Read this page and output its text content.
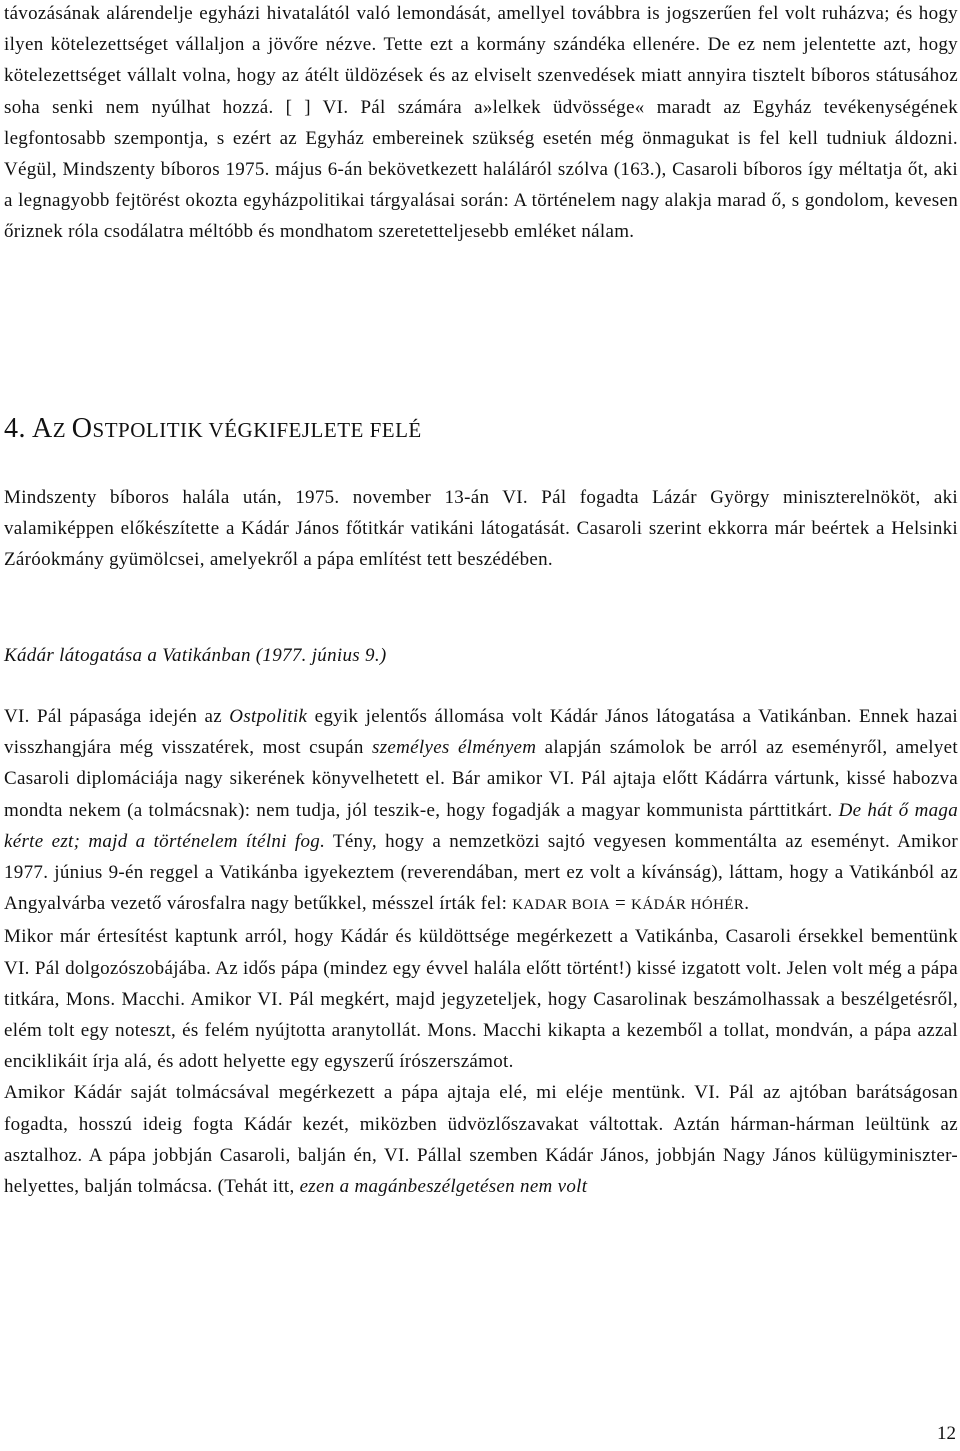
távozásának alárendelje egyházi hivatalától való lemondását, amellyel továbbra is jogszerűen fel volt ruházva; és hogy ilyen kötelezettséget vállaljon a jövőre nézve. Tette ezt a kormány szándéka ellenére. De ez nem jelentette azt, hogy kötelezettséget vállalt volna, hogy az átélt üldözések és az elviselt szenvedések miatt annyira tisztelt bíboros státusához soha senki nem nyúlhat hozzá. [ ] VI. Pál számára a»lelkek üdvössége« maradt az Egyház tevékenységének legfontosabb szempontja, s ezért az Egyház embereinek szükség esetén még önmagukat is fel kell tudniuk áldozni. Végül, Mindszenty bíboros 1975. május 6-án bekövetkezett haláláról szólva (163.), Casaroli bíboros így méltatja őt, aki a legnagyobb fejtörést okozta egyházpolitikai tárgyalásai során: A történelem nagy alakja marad ő, s gondolom, kevesen őriznek róla csodálatra méltóbb és mondhatom szeretetteljesebb emléket nálam.

4. AZ OSTPOLITIK VÉGKIFEJLETE FELÉ

Mindszenty bíboros halála után, 1975. november 13-án VI. Pál fogadta Lázár György miniszterelnököt, aki valamiképpen előkészítette a Kádár János főtitkár vatikáni látogatását. Casaroli szerint ekkorra már beértek a Helsinki Záróokmány gyümölcsei, amelyekről a pápa említést tett beszédében.

Kádár látogatása a Vatikánban (1977. június 9.)

VI. Pál pápasága idején az Ostpolitik egyik jelentős állomása volt Kádár János látogatása a Vatikánban. Ennek hazai visszhangjára még visszatérek, most csupán személyes élményem alapján számolok be arról az eseményről, amelyet Casaroli diplomáciája nagy sikerének könyvelhetett el. Bár amikor VI. Pál ajtaja előtt Kádárra vártunk, kissé habozva mondta nekem (a tolmácsnak): nem tudja, jól teszik-e, hogy fogadják a magyar kommunista párttitkárt. De hát ő maga kérte ezt; majd a történelem ítélni fog. Tény, hogy a nemzetközi sajtó vegyesen kommentálta az eseményt. Amikor 1977. június 9-én reggel a Vatikánba igyekeztem (reverendában, mert ez volt a kívánság), láttam, hogy a Vatikánból az Angyalvárba vezető városfalra nagy betűkkel, mésszel írták fel: KADAR BOIA = KÁDÁR HÓHÉR.
Mikor már értesítést kaptunk arról, hogy Kádár és küldöttsége megérkezett a Vatikánba, Casaroli érsekkel bementünk VI. Pál dolgozószobájába. Az idős pápa (mindez egy évvel halála előtt történt!) kissé izgatott volt. Jelen volt még a pápa titkára, Mons. Macchi. Amikor VI. Pál megkért, majd jegyzeteljek, hogy Casarolinak beszámolhassak a beszélgetésről, elém tolt egy noteszt, és felém nyújtotta aranytollát. Mons. Macchi kikapta a kezemből a tollat, mondván, a pápa azzal enciklikáit írja alá, és adott helyette egy egyszerű írószerszámot.
Amikor Kádár saját tolmácsával megérkezett a pápa ajtaja elé, mi eléje mentünk. VI. Pál az ajtóban barátságosan fogadta, hosszú ideig fogta Kádár kezét, miközben üdvözlőszavakat váltottak. Aztán hárman-hárman leültünk az asztalhoz. A pápa jobbján Casaroli, balján én, VI. Pállal szemben Kádár János, jobbján Nagy János külügyminiszter-helyettes, balján tolmácsa. (Tehát itt, ezen a magánbeszélgetésen nem volt
12
